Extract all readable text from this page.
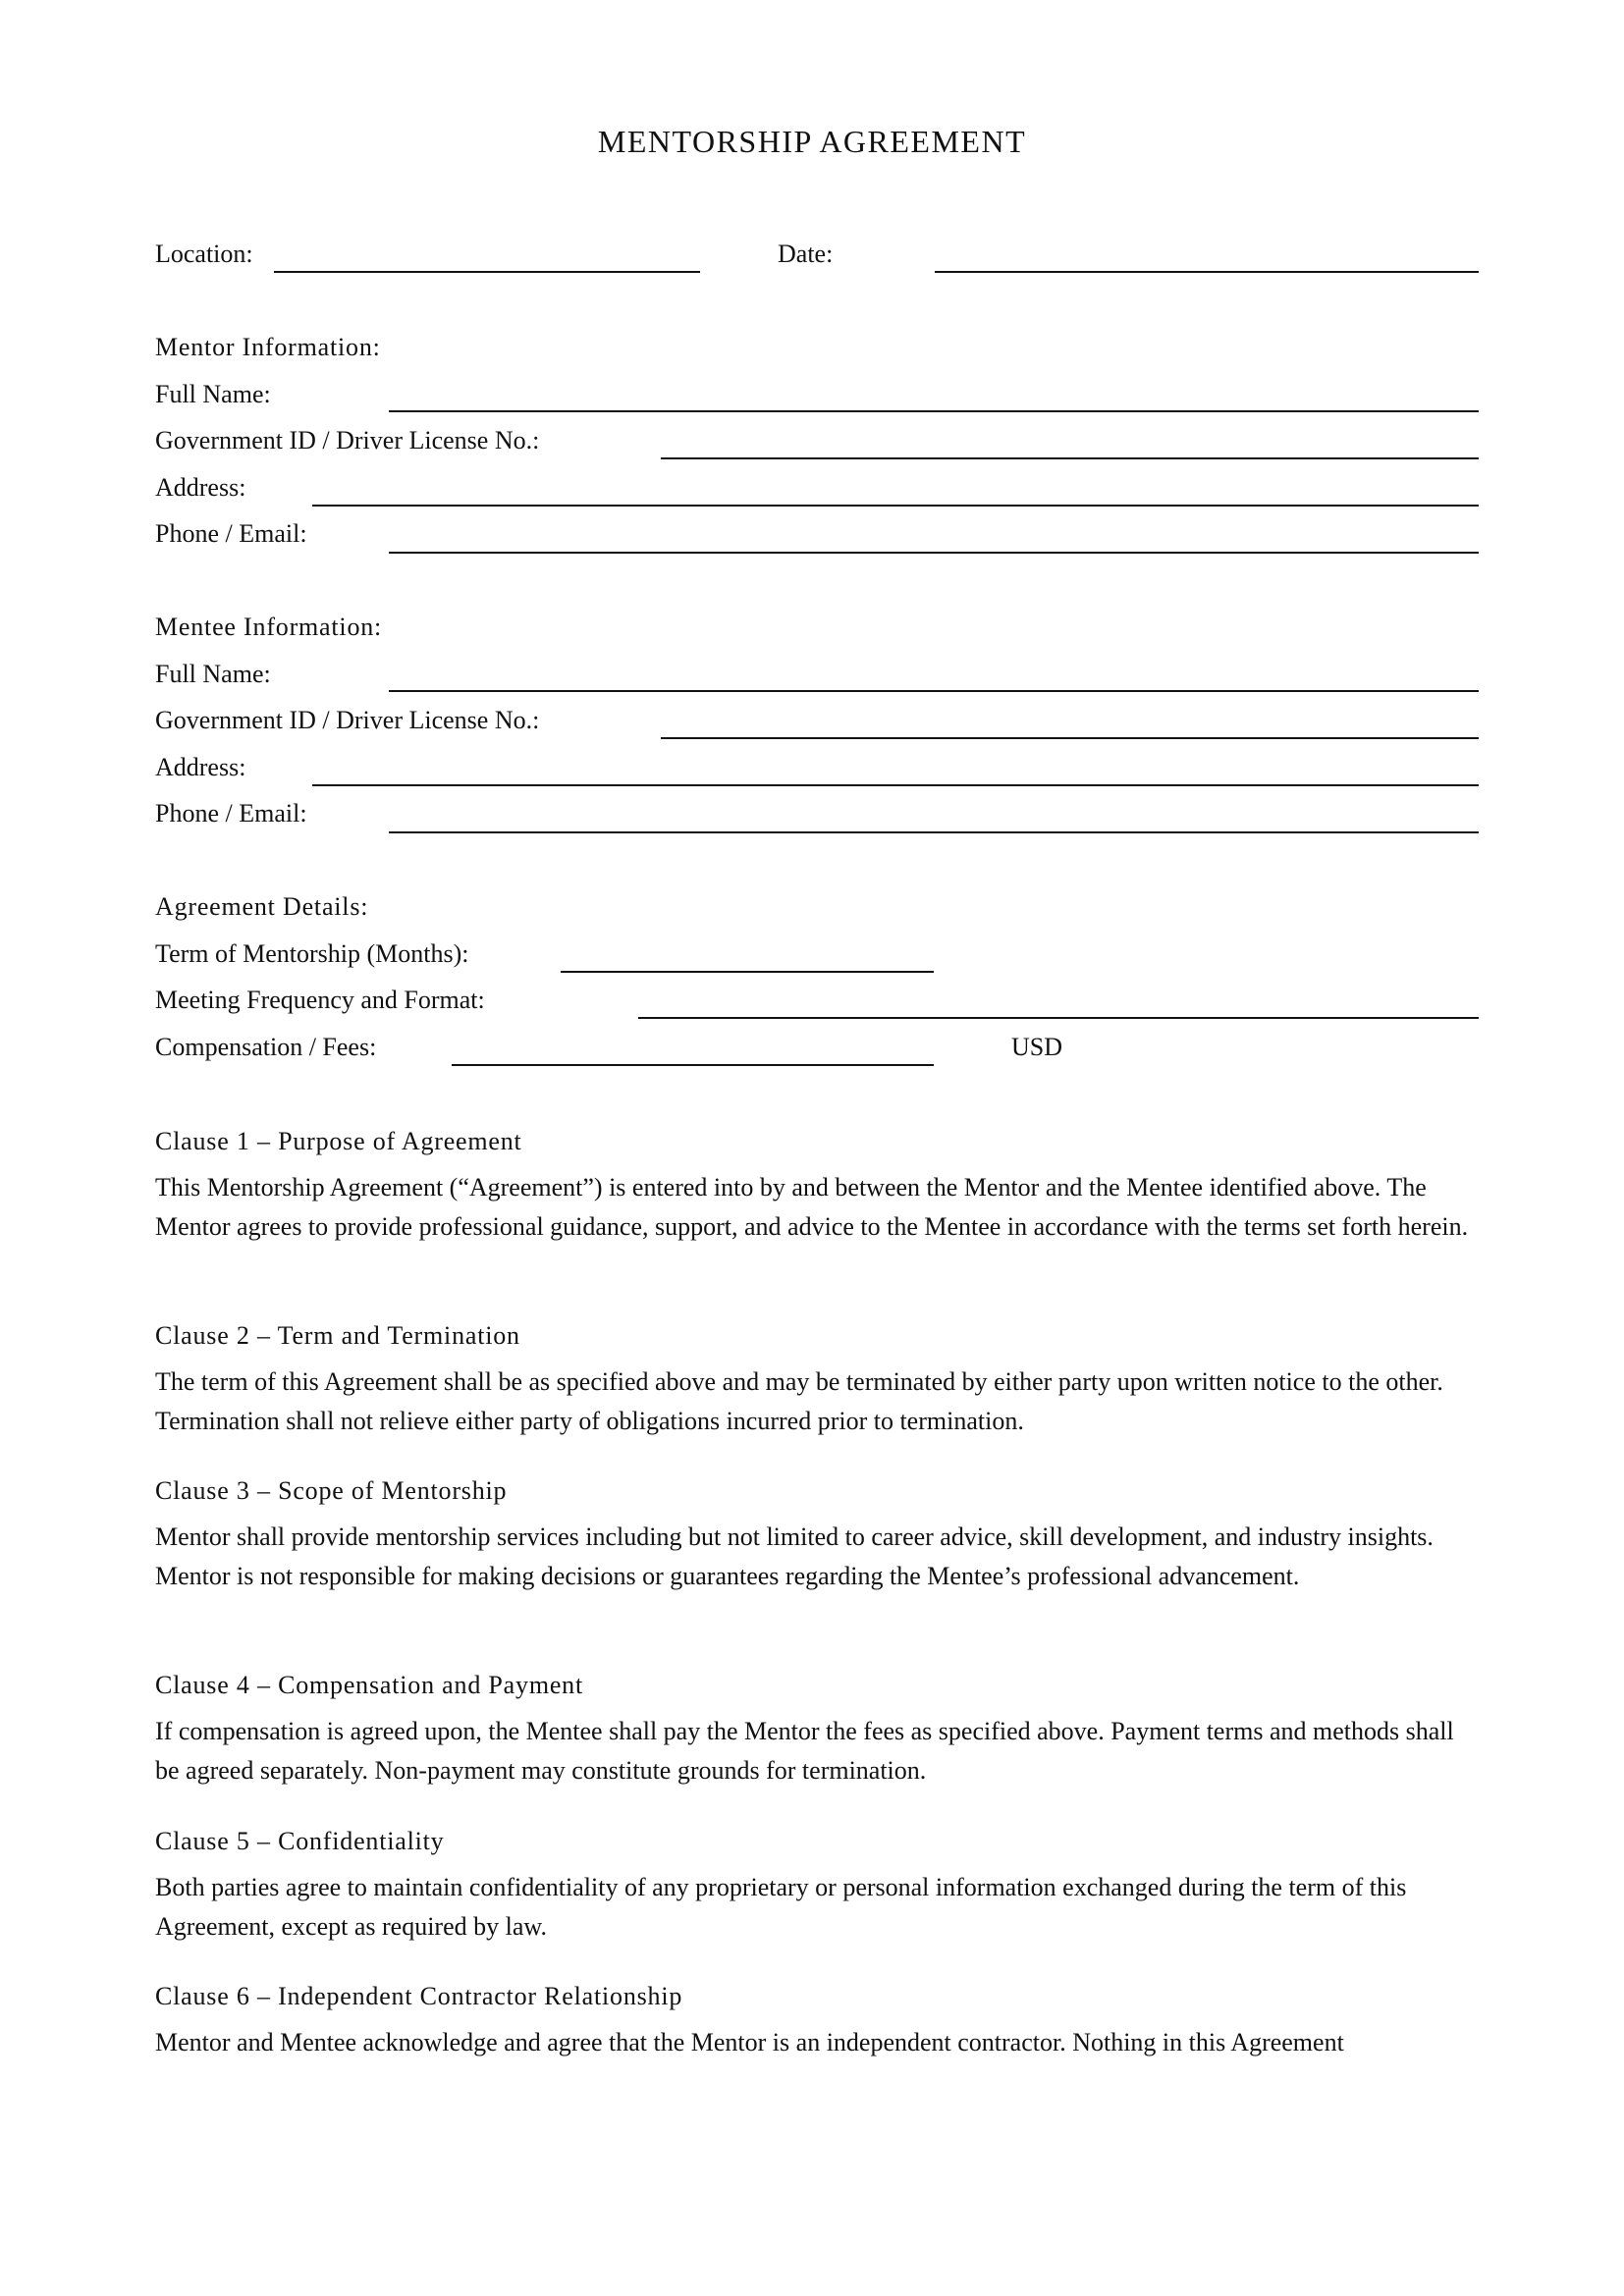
MENTORSHIP AGREEMENT
Location:	Date:
Mentor Information:
Full Name:
Government ID / Driver License No.:
Address:
Phone / Email:
Mentee Information:
Full Name:
Government ID / Driver License No.:
Address:
Phone / Email:
Agreement Details:
Term of Mentorship (Months):
Meeting Frequency and Format:
Compensation / Fees:	USD
Clause 1 – Purpose of Agreement
This Mentorship Agreement (“Agreement”) is entered into by and between the Mentor and the Mentee identified above. The Mentor agrees to provide professional guidance, support, and advice to the Mentee in accordance with the terms set forth herein.
Clause 2 – Term and Termination
The term of this Agreement shall be as specified above and may be terminated by either party upon written notice to the other. Termination shall not relieve either party of obligations incurred prior to termination.
Clause 3 – Scope of Mentorship
Mentor shall provide mentorship services including but not limited to career advice, skill development, and industry insights. Mentor is not responsible for making decisions or guarantees regarding the Mentee’s professional advancement.
Clause 4 – Compensation and Payment
If compensation is agreed upon, the Mentee shall pay the Mentor the fees as specified above. Payment terms and methods shall be agreed separately. Non-payment may constitute grounds for termination.
Clause 5 – Confidentiality
Both parties agree to maintain confidentiality of any proprietary or personal information exchanged during the term of this Agreement, except as required by law.
Clause 6 – Independent Contractor Relationship
Mentor and Mentee acknowledge and agree that the Mentor is an independent contractor. Nothing in this Agreement
